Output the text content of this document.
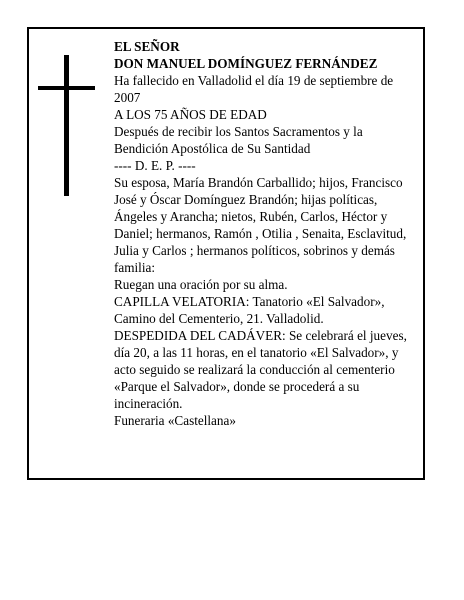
EL SEÑOR

DON MANUEL DOMÍNGUEZ FERNÁNDEZ

Ha fallecido en Valladolid el día 19 de septiembre de 2007

A LOS 75 AÑOS DE EDAD

Después de recibir los Santos Sacramentos y la Bendición Apostólica de Su Santidad

---- D. E. P. ----

Su esposa, María Brandón Carballido; hijos, Francisco José y Óscar Domínguez Brandón; hijas políticas, Ángeles y Arancha; nietos, Rubén, Carlos, Héctor y Daniel; hermanos, Ramón , Otilia , Senaita, Esclavitud, Julia y Carlos ; hermanos políticos, sobrinos y demás familia:

Ruegan una oración por su alma.

CAPILLA VELATORIA: Tanatorio «El Salvador», Camino del Cementerio, 21. Valladolid.

DESPEDIDA DEL CADÁVER: Se celebrará el jueves, día 20, a las 11 horas, en el tanatorio «El Salvador», y acto seguido se realizará la conducción al cementerio «Parque el Salvador», donde se procederá a su incineración.

Funeraria «Castellana»
